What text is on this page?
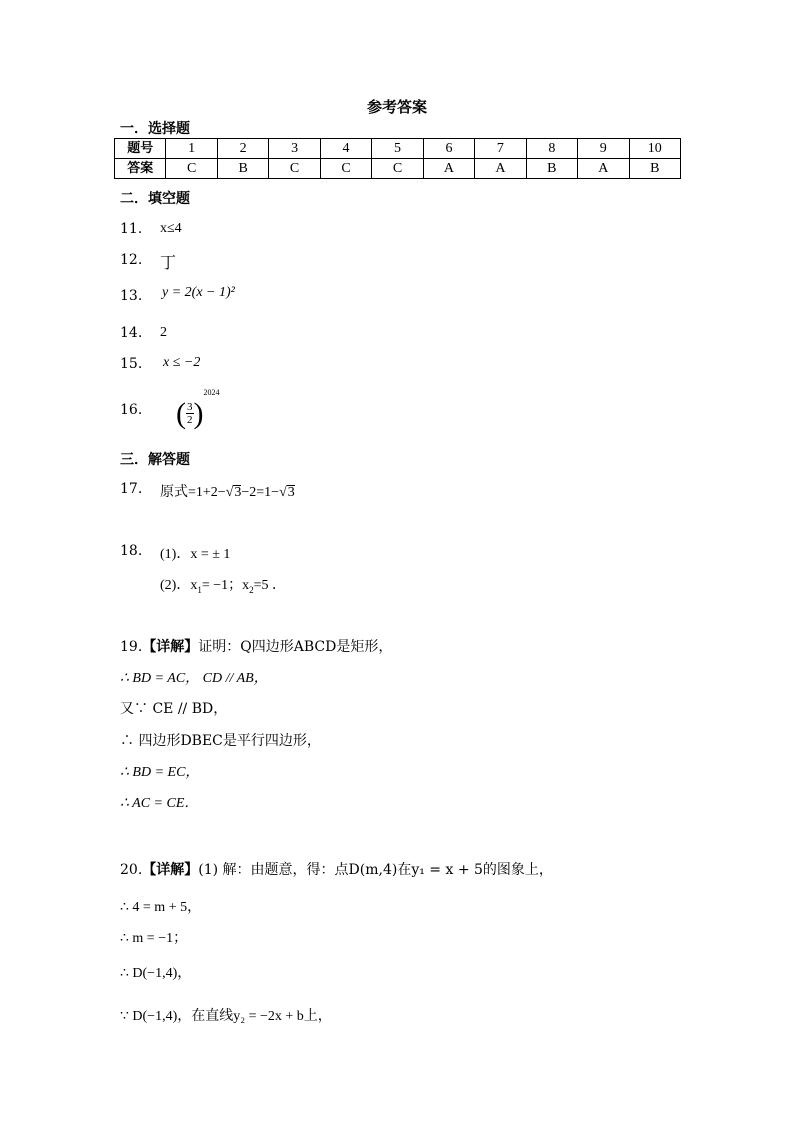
参考答案
一．选择题
题号	1	2	3	4	5	6	7	8	9	10
答案	C	B	C	C	C	A	A	B	A	B
二．填空题
11.	x≤4
12.	丁
13.	y = 2(x − 1)²
14.	2
15.	x ≤ −2
16.	( $\frac{3}{2} )^{2024}$
三．解答题
17.	原式=1+2−√3−2=1−√3
18.	(1)．x = ± 1
(2)．$x_1= -1$；$x_2=5$ ．
19.【详解】证明：Q四边形ABCD是矩形，
∴ BD = AC， CD // AB，
又∵ CE // BD，
∴ 四边形DBEC是平行四边形，
∴ BD = EC，
∴ AC = CE．
20.【详解】(1) 解：由题意，得：点D(m,4)在y₁ = x + 5的图象上，
∴ 4 = m + 5，
∴ m = −1；
∴ D(−1,4)，
∵ D(−1,4)，在直线y₂ = −2x + b上，
